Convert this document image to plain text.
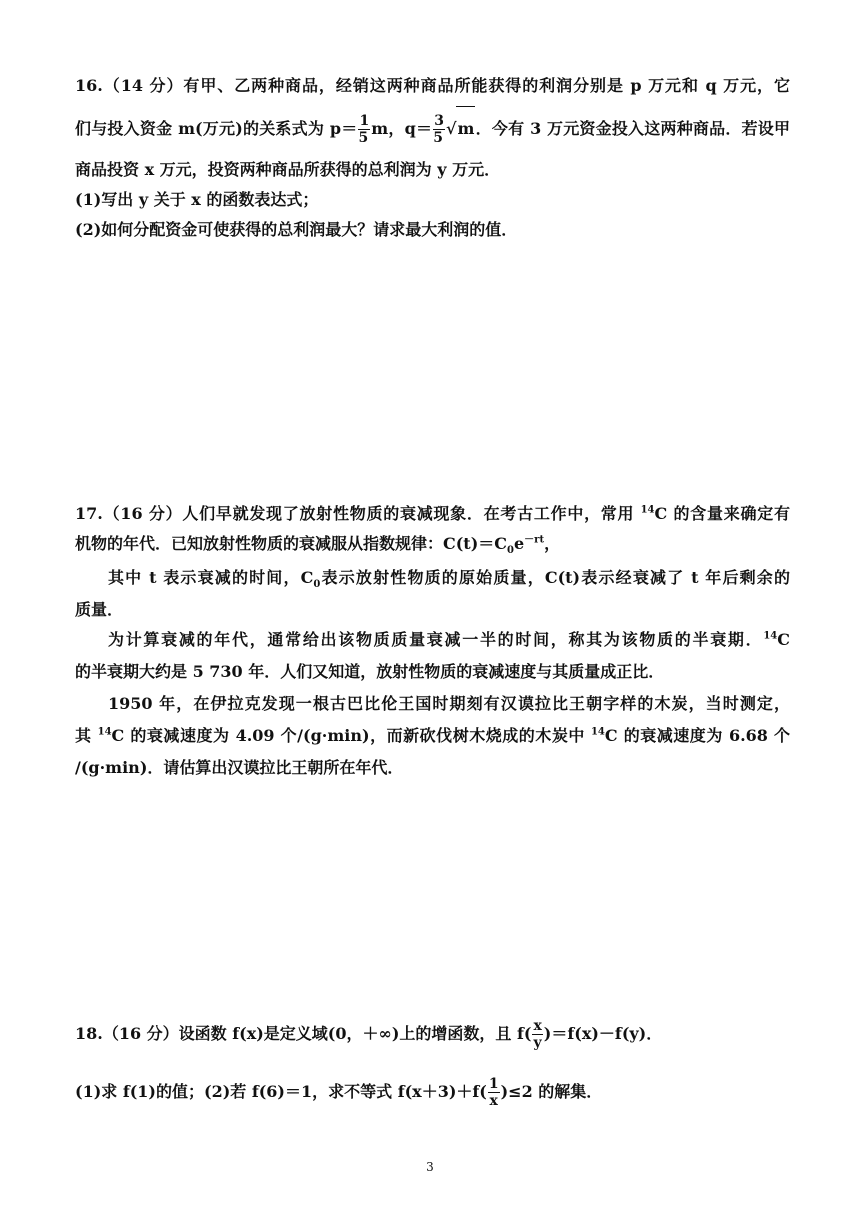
16.（14 分）有甲、乙两种商品，经销这两种商品所能获得的利润分别是 p 万元和 q 万元，它
们与投入资金 m(万元)的关系式为 $p= \frac{1}{5}$ m，$q= \frac{3}{5} √m$．今有 3 万元资金投入这两种商品．若设甲
商品投资 x 万元，投资两种商品所获得的总利润为 y 万元．
(1)写出 y 关于 x 的函数表达式；
(2)如何分配资金可使获得的总利润最大？请求最大利润的值．
17.（16 分）人们早就发现了放射性物质的衰减现象．在考古工作中，常用 $^{14}$C 的含量来确定有
机物的年代．已知放射性物质的衰减服从指数规律：$C(t)=C_0e^{-rt}$，
其中 t 表示衰减的时间，$C_0$表示放射性物质的原始质量，C(t)表示经衰减了 t 年后剩余的
质量．
为计算衰减的年代，通常给出该物质质量衰减一半的时间，称其为该物质的半衰期．$^{14}$C
的半衰期大约是 5 730 年．人们又知道，放射性物质的衰减速度与其质量成正比．
1950 年，在伊拉克发现一根古巴比伦王国时期刻有汉谟拉比王朝字样的木炭，当时测定，
其 $^{14}$C 的衰减速度为 4.09 个/(g·min)，而新砍伐树木烧成的木炭中 $^{14}$C 的衰减速度为 6.68 个
/(g·min)．请估算出汉谟拉比王朝所在年代．
18.（16 分）设函数 f(x)是定义域(0，＋∞)上的增函数，且 $f( \frac{x}{y} )=f(x)-f(y)$．
(1)求 f(1)的值；(2)若 f(6)＝1，求不等式 $f(x+3)+f( \frac{1}{x} )\le 2$ 的解集．
3
